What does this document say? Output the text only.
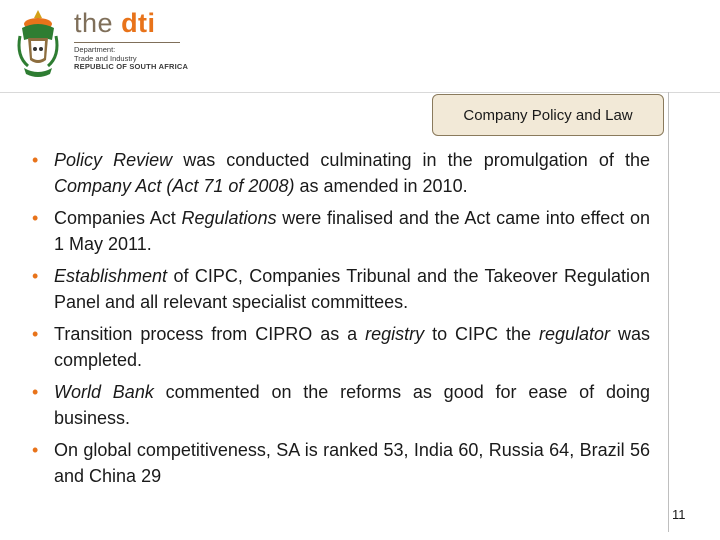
the dti
Department:
Trade and Industry
REPUBLIC OF SOUTH AFRICA
Company Policy and Law
• Policy Review was conducted culminating in the promulgation of the Company Act (Act 71 of 2008) as amended in 2010.
• Companies Act Regulations were finalised and the Act came into effect on 1 May 2011.
• Establishment of CIPC, Companies Tribunal and the Takeover Regulation Panel and all relevant specialist committees.
• Transition process from CIPRO as a registry to CIPC the regulator was completed.
• World Bank commented on the reforms as good for ease of doing business.
• On global competitiveness, SA is ranked 53, India 60, Russia 64, Brazil 56 and China 29
11
